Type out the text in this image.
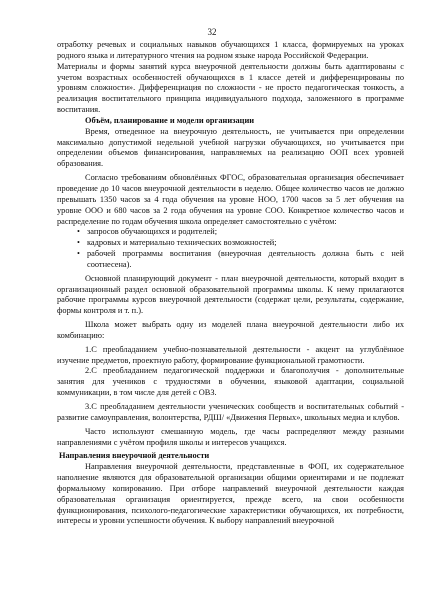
32

отработку речевых и социальных навыков обучающихся 1 класса, формируемых на уроках родного языка и литературного чтения на родном языке народа Российской Федерации.

Материалы и формы занятий курса внеурочной деятельности должны быть адаптированы с учетом возрастных особенностей обучающихся в 1 классе детей и дифференцированы по уровням сложности». Дифференциация по сложности - не просто педагогическая тонкость, а реализация воспитательного принципа индивидуального подхода, заложенного в программе воспитания.

Объём, планирование и модели организации

Время, отведенное на внеурочную деятельность, не учитывается при определении максимально допустимой недельной учебной нагрузки обучающихся, но учитывается при определении объемов финансирования, направляемых на реализацию ООП всех уровней образования.

Согласно требованиям обновлённых ФГОС, образовательная организация обеспечивает проведение до 10 часов внеурочной деятельности в неделю. Общее количество часов не должно превышать 1350 часов за 4 года обучения на уровне НОО, 1700 часов за 5 лет обучения на уровне ООО и 680 часов за 2 года обучения на уровне СОО. Конкретное количество часов и распределение по годам обучения школа определяет самостоятельно с учётом:

• запросов обучающихся и родителей;
• кадровых и материально технических возможностей;
• рабочей программы воспитания (внеурочная деятельность должна быть с ней соотнесена).

Основной планирующий документ - план внеурочной деятельности, который входит в организационный раздел основной образовательной программы школы. К нему прилагаются рабочие программы курсов внеурочной деятельности (содержат цели, результаты, содержание, формы контроля и т. п.).

Школа может выбрать одну из моделей плана внеурочной деятельности либо их комбинацию:

1.С преобладанием учебно-познавательной деятельности - акцент на углублённое изучение предметов, проектную работу, формирование функциональной грамотности.

2.С преобладанием педагогической поддержки и благополучия - дополнительные занятия для учеников с трудностями в обучении, языковой адаптации, социальной коммуникации, в том числе для детей с ОВЗ.

3.С преобладанием деятельности ученических сообществ и воспитательных событий - развитие самоуправления, волонтерства, РДШ/ «Движения Первых», школьных медиа и клубов.

Часто используют смешанную модель, где часы распределяют между разными направлениями с учётом профиля школы и интересов учащихся.

Направления внеурочной деятельности

Направления внеурочной деятельности, представленные в ФОП, их содержательное наполнение являются для образовательной организации общими ориентирами и не подлежат формальному копированию. При отборе направлений внеурочной деятельности каждая образовательная организация ориентируется, прежде всего, на свои особенности функционирования, психолого-педагогические характеристики обучающихся, их потребности, интересы и уровни успешности обучения. К выбору направлений внеурочной
